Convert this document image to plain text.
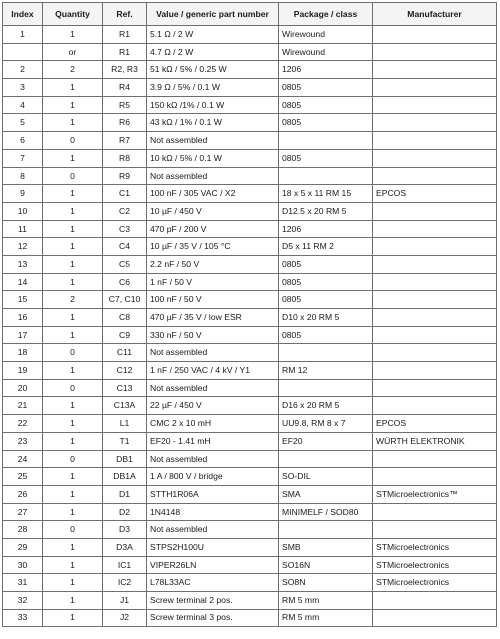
Index	Quantity	Ref.	Value / generic part number	Package / class	Manufacturer
1	1	R1	5.1 Ω / 2 W	Wirewound	
	or	R1	4.7 Ω / 2 W	Wirewound	
2	2	R2, R3	51 kΩ / 5% / 0.25 W	1206	
3	1	R4	3.9 Ω / 5% / 0.1 W	0805	
4	1	R5	150 kΩ /1% / 0.1 W	0805	
5	1	R6	43 kΩ / 1% / 0.1 W	0805	
6	0	R7	Not assembled		
7	1	R8	10 kΩ / 5% / 0.1 W	0805	
8	0	R9	Not assembled		
9	1	C1	100 nF / 305 VAC / X2	18 x 5 x 11 RM 15	EPCOS
10	1	C2	10 µF / 450 V	D12.5 x 20 RM 5	
11	1	C3	470 pF / 200 V	1206	
12	1	C4	10 µF / 35 V / 105 °C	D5 x 11 RM 2	
13	1	C5	2.2 nF / 50 V	0805	
14	1	C6	1 nF / 50 V	0805	
15	2	C7, C10	100 nF / 50 V	0805	
16	1	C8	470 µF / 35 V / low ESR	D10 x 20 RM 5	
17	1	C9	330 nF / 50 V	0805	
18	0	C11	Not assembled		
19	1	C12	1 nF / 250 VAC / 4 kV / Y1	RM 12	
20	0	C13	Not assembled		
21	1	C13A	22 µF / 450 V	D16 x 20 RM 5	
22	1	L1	CMC 2 x 10 mH	UU9.8, RM 8 x 7	EPCOS
23	1	T1	EF20 - 1.41 mH	EF20	WÜRTH ELEKTRONIK
24	0	DB1	Not assembled		
25	1	DB1A	1 A / 800 V / bridge	SO-DIL	
26	1	D1	STTH1R06A	SMA	STMicroelectronics™
27	1	D2	1N4148	MINIMELF / SOD80	
28	0	D3	Not assembled		
29	1	D3A	STPS2H100U	SMB	STMicroelectronics
30	1	IC1	VIPER26LN	SO16N	STMicroelectronics
31	1	IC2	L78L33AC	SO8N	STMicroelectronics
32	1	J1	Screw terminal 2 pos.	RM 5 mm	
33	1	J2	Screw terminal 3 pos.	RM 5 mm	
